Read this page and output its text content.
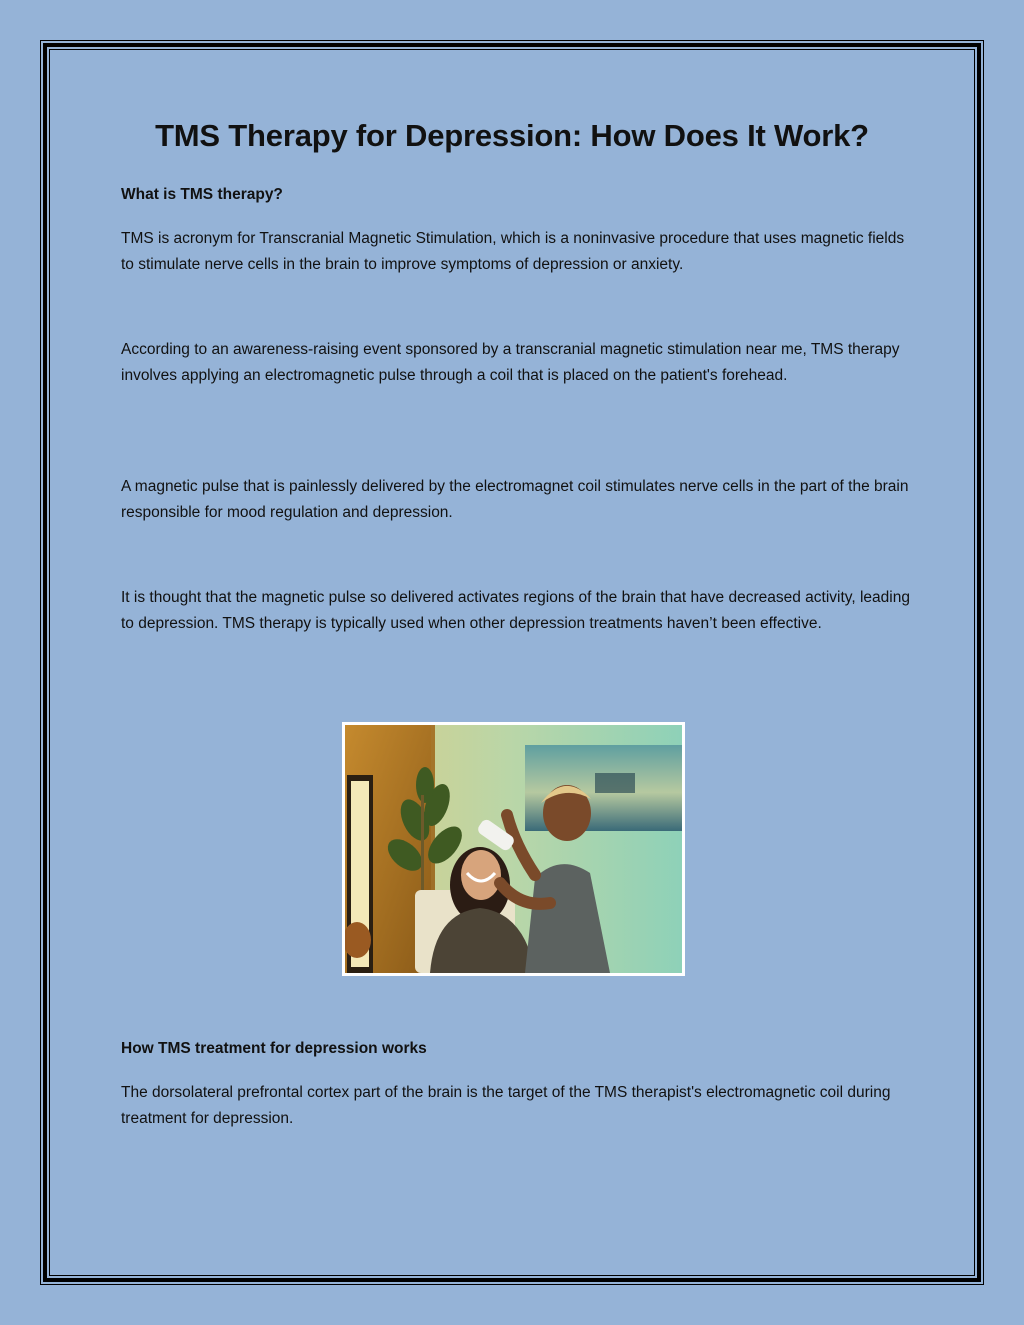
TMS Therapy for Depression: How Does It Work?
What is TMS therapy?

TMS is acronym for Transcranial Magnetic Stimulation, which is a noninvasive procedure that uses magnetic fields to stimulate nerve cells in the brain to improve symptoms of depression or anxiety.

According to an awareness-raising event sponsored by a transcranial magnetic stimulation near me, TMS therapy involves applying an electromagnetic pulse through a coil that is placed on the patient's forehead.

A magnetic pulse that is painlessly delivered by the electromagnet coil stimulates nerve cells in the part of the brain responsible for mood regulation and depression.

It is thought that the magnetic pulse so delivered activates regions of the brain that have decreased activity, leading to depression. TMS therapy is typically used when other depression treatments haven’t been effective.

How TMS treatment for depression works

The dorsolateral prefrontal cortex part of the brain is the target of the TMS therapist's electromagnetic coil during treatment for depression.
